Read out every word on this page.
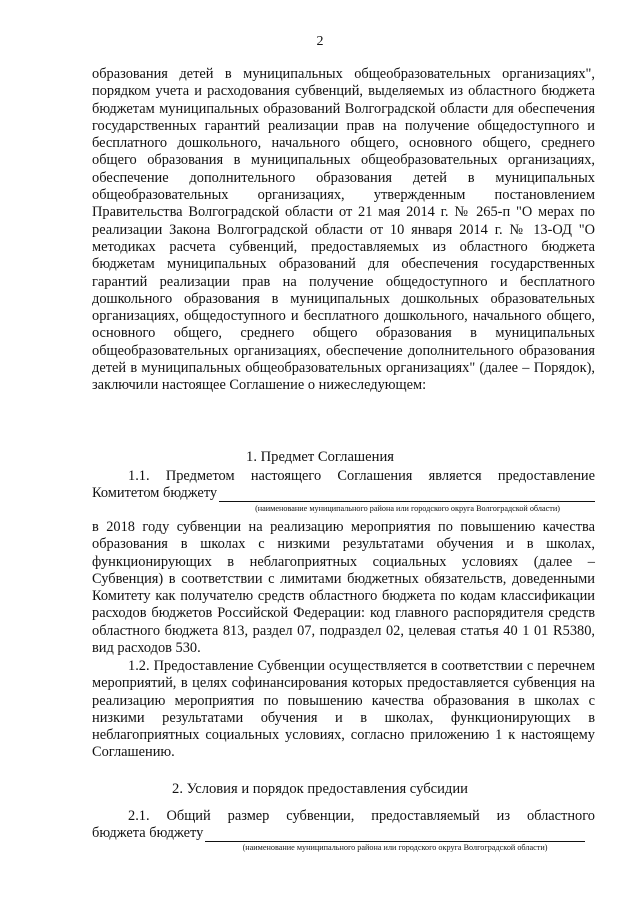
2
образования детей в муниципальных общеобразовательных организациях", порядком учета и расходования субвенций, выделяемых из областного бюджета бюджетам муниципальных образований Волгоградской области для обеспечения государственных гарантий реализации прав на получение общедоступного и бесплатного дошкольного, начального общего, основного общего, среднего общего образования в муниципальных общеобразовательных организациях, обеспечение дополнительного образования детей в муниципальных общеобразовательных организациях, утвержденным постановлением Правительства Волгоградской области от 21 мая 2014 г. № 265-п "О мерах по реализации Закона Волгоградской области от 10 января 2014 г. № 13-ОД "О методиках расчета субвенций, предоставляемых из областного бюджета бюджетам муниципальных образований для обеспечения государственных гарантий реализации прав на получение общедоступного и бесплатного дошкольного образования в муниципальных дошкольных образовательных организациях, общедоступного и бесплатного дошкольного, начального общего, основного общего, среднего общего образования в муниципальных общеобразовательных организациях, обеспечение дополнительного образования детей в муниципальных общеобразовательных организациях" (далее – Порядок), заключили настоящее Соглашение о нижеследующем:
1. Предмет Соглашения
1.1. Предметом настоящего Соглашения является предоставление
Комитетом бюджету
(наименование муниципального района или городского округа Волгоградской области)
в 2018 году субвенции на реализацию мероприятия по повышению качества образования в школах с низкими результатами обучения и в школах, функционирующих в неблагоприятных социальных условиях (далее – Субвенция) в соответствии с лимитами бюджетных обязательств, доведенными Комитету как получателю средств областного бюджета по кодам классификации расходов бюджетов Российской Федерации: код главного распорядителя средств областного бюджета 813, раздел 07, подраздел 02, целевая статья 40 1 01 R5380, вид расходов 530.
1.2. Предоставление Субвенции осуществляется в соответствии с перечнем мероприятий, в целях софинансирования которых предоставляется субвенция на реализацию мероприятия по повышению качества образования в школах с низкими результатами обучения и в школах, функционирующих в неблагоприятных социальных условиях, согласно приложению 1 к настоящему Соглашению.
2. Условия и порядок предоставления субсидии
2.1. Общий размер субвенции, предоставляемый из областного
бюджета бюджету
(наименование муниципального района или городского округа Волгоградской области)
